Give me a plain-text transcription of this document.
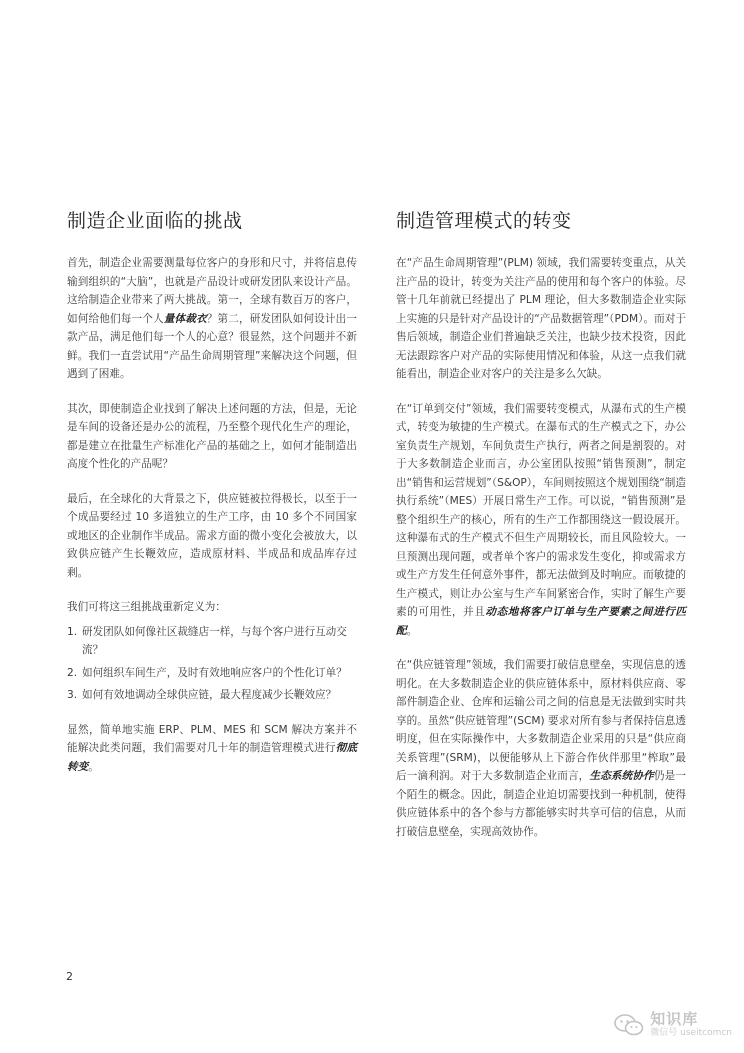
制造企业面临的挑战

首先，制造企业需要测量每位客户的身形和尺寸，并将信息传输到组织的“大脑”，也就是产品设计或研发团队来设计产品。这给制造企业带来了两大挑战。第一，全球有数百万的客户，如何给他们每一个人量体裁衣？第二，研发团队如何设计出一款产品，满足他们每一个人的心意？很显然，这个问题并不新鲜。我们一直尝试用“产品生命周期管理”来解决这个问题，但遇到了困难。

其次，即使制造企业找到了解决上述问题的方法，但是，无论是车间的设备还是办公的流程，乃至整个现代化生产的理论，都是建立在批量生产标准化产品的基础之上，如何才能制造出高度个性化的产品呢？

最后，在全球化的大背景之下，供应链被拉得极长，以至于一个成品要经过 10 多道独立的生产工序，由 10 多个不同国家或地区的企业制作半成品。需求方面的微小变化会被放大，以致供应链产生长鞭效应，造成原材料、半成品和成品库存过剩。

我们可将这三组挑战重新定义为：

1. 研发团队如何像社区裁缝店一样，与每个客户进行互动交流？
2. 如何组织车间生产，及时有效地响应客户的个性化订单？
3. 如何有效地调动全球供应链，最大程度减少长鞭效应？

显然，简单地实施 ERP、PLM、MES 和 SCM 解决方案并不能解决此类问题，我们需要对几十年的制造管理模式进行彻底转变。

制造管理模式的转变

在“产品生命周期管理”(PLM) 领域，我们需要转变重点，从关注产品的设计，转变为关注产品的使用和每个客户的体验。尽管十几年前就已经提出了 PLM 理论，但大多数制造企业实际上实施的只是针对产品设计的“产品数据管理”（PDM）。而对于售后领域，制造企业们普遍缺乏关注，也缺少技术投资，因此无法跟踪客户对产品的实际使用情况和体验，从这一点我们就能看出，制造企业对客户的关注是多么欠缺。

在“订单到交付”领域，我们需要转变模式，从瀑布式的生产模式，转变为敏捷的生产模式。在瀑布式的生产模式之下，办公室负责生产规划，车间负责生产执行，两者之间是割裂的。对于大多数制造企业而言，办公室团队按照“销售预测”，制定出“销售和运营规划”（S&OP），车间则按照这个规划围绕“制造执行系统”（MES）开展日常生产工作。可以说，“销售预测”是整个组织生产的核心，所有的生产工作都围绕这一假设展开。这种瀑布式的生产模式不但生产周期较长，而且风险较大。一旦预测出现问题，或者单个客户的需求发生变化，抑或需求方或生产方发生任何意外事件，都无法做到及时响应。而敏捷的生产模式，则让办公室与生产车间紧密合作，实时了解生产要素的可用性，并且动态地将客户订单与生产要素之间进行匹配。

在“供应链管理”领域，我们需要打破信息壁垒，实现信息的透明化。在大多数制造企业的供应链体系中，原材料供应商、零部件制造企业、仓库和运输公司之间的信息是无法做到实时共享的。虽然“供应链管理”(SCM) 要求对所有参与者保持信息透明度，但在实际操作中，大多数制造企业采用的只是“供应商关系管理”(SRM)，以便能够从上下游合作伙伴那里“榨取”最后一滴利润。对于大多数制造企业而言，生态系统协作仍是一个陌生的概念。因此，制造企业迫切需要找到一种机制，使得供应链体系中的各个参与方都能够实时共享可信的信息，从而打破信息壁垒，实现高效协作。

2
知识库
微信号 useitcomcn
